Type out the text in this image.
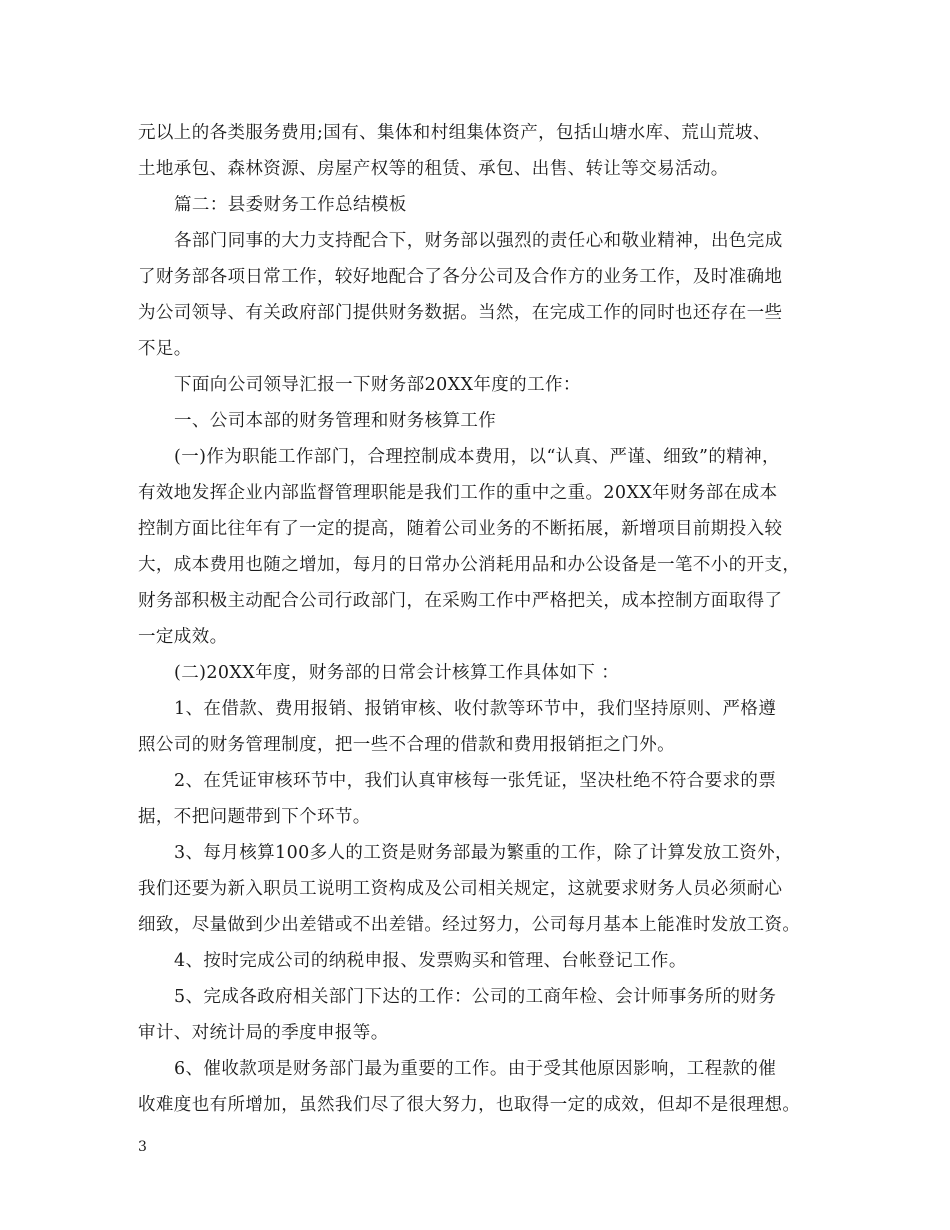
元以上的各类服务费用;国有、集体和村组集体资产，包括山塘水库、荒山荒坡、
土地承包、森林资源、房屋产权等的租赁、承包、出售、转让等交易活动。
篇二：县委财务工作总结模板
各部门同事的大力支持配合下，财务部以强烈的责任心和敬业精神，出色完成
了财务部各项日常工作，较好地配合了各分公司及合作方的业务工作，及时准确地
为公司领导、有关政府部门提供财务数据。当然，在完成工作的同时也还存在一些
不足。
下面向公司领导汇报一下财务部20XX年度的工作：
一、公司本部的财务管理和财务核算工作
(一)作为职能工作部门，合理控制成本费用，以“认真、严谨、细致”的精神，
有效地发挥企业内部监督管理职能是我们工作的重中之重。20XX年财务部在成本
控制方面比往年有了一定的提高，随着公司业务的不断拓展，新增项目前期投入较
大，成本费用也随之增加，每月的日常办公消耗用品和办公设备是一笔不小的开支，
财务部积极主动配合公司行政部门，在采购工作中严格把关，成本控制方面取得了
一定成效。
(二)20XX年度，财务部的日常会计核算工作具体如下 ：
1、在借款、费用报销、报销审核、收付款等环节中，我们坚持原则、严格遵
照公司的财务管理制度，把一些不合理的借款和费用报销拒之门外。
2、在凭证审核环节中，我们认真审核每一张凭证，坚决杜绝不符合要求的票
据，不把问题带到下个环节。
3、每月核算100多人的工资是财务部最为繁重的工作，除了计算发放工资外，
我们还要为新入职员工说明工资构成及公司相关规定，这就要求财务人员必须耐心
细致，尽量做到少出差错或不出差错。经过努力，公司每月基本上能准时发放工资。
4、按时完成公司的纳税申报、发票购买和管理、台帐登记工作。
5、完成各政府相关部门下达的工作：公司的工商年检、会计师事务所的财务
审计、对统计局的季度申报等。
6、催收款项是财务部门最为重要的工作。由于受其他原因影响，工程款的催
收难度也有所增加，虽然我们尽了很大努力，也取得一定的成效，但却不是很理想。
3
